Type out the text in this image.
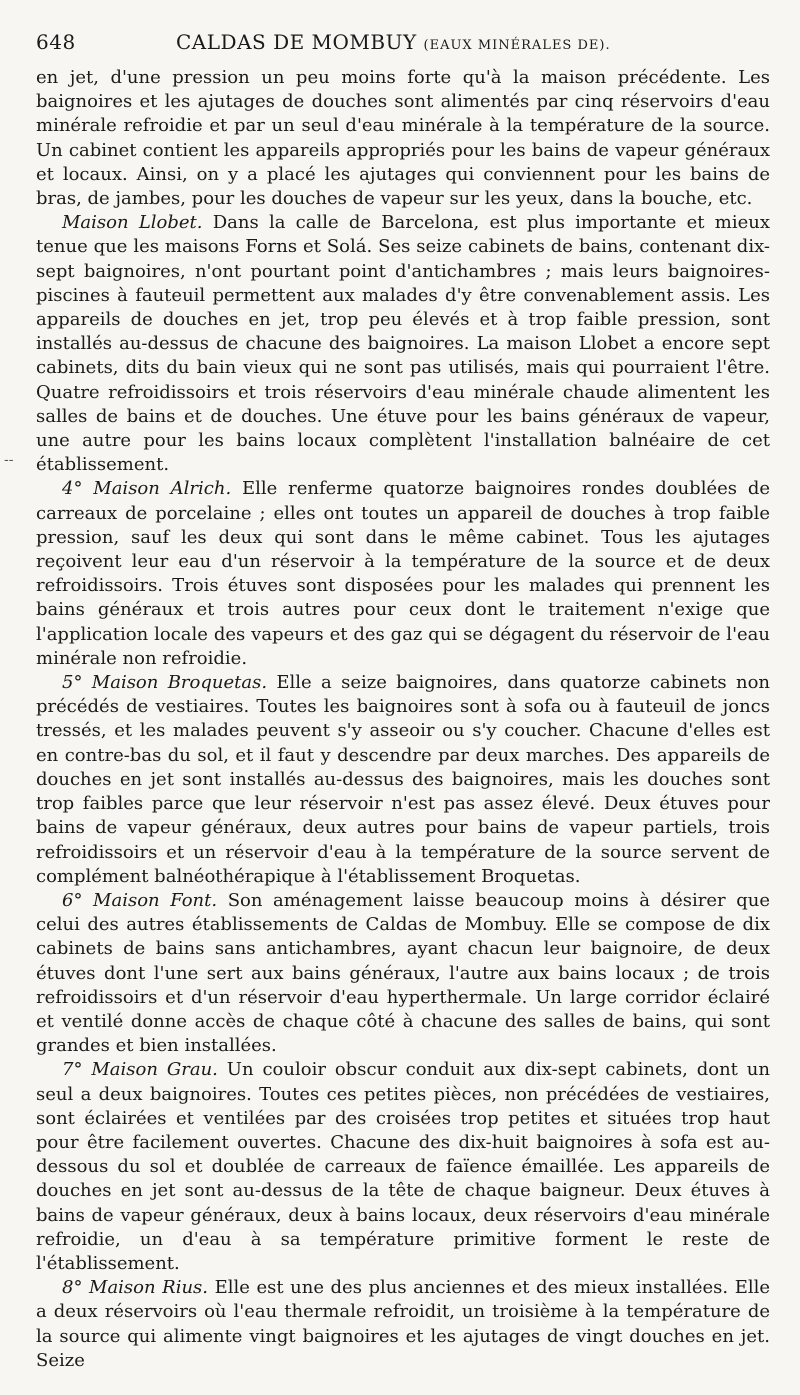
648	CALDAS DE MOMBUY (EAUX MINÉRALES DE).

en jet, d'une pression un peu moins forte qu'à la maison précédente. Les baignoires et les ajutages de douches sont alimentés par cinq réservoirs d'eau minérale refroidie et par un seul d'eau minérale à la température de la source. Un cabinet contient les appareils appropriés pour les bains de vapeur généraux et locaux. Ainsi, on y a placé les ajutages qui conviennent pour les bains de bras, de jambes, pour les douches de vapeur sur les yeux, dans la bouche, etc.

Maison Llobet. Dans la calle de Barcelona, est plus importante et mieux tenue que les maisons Forns et Solá. Ses seize cabinets de bains, contenant dix-sept baignoires, n'ont pourtant point d'antichambres ; mais leurs baignoires-piscines à fauteuil permettent aux malades d'y être convenablement assis. Les appareils de douches en jet, trop peu élevés et à trop faible pression, sont installés au-dessus de chacune des baignoires. La maison Llobet a encore sept cabinets, dits du bain vieux qui ne sont pas utilisés, mais qui pourraient l'être. Quatre refroidissoirs et trois réservoirs d'eau minérale chaude alimentent les salles de bains et de douches. Une étuve pour les bains généraux de vapeur, une autre pour les bains locaux complètent l'installation balnéaire de cet établissement.

4° Maison Alrich. Elle renferme quatorze baignoires rondes doublées de carreaux de porcelaine ; elles ont toutes un appareil de douches à trop faible pression, sauf les deux qui sont dans le même cabinet. Tous les ajutages reçoivent leur eau d'un réservoir à la température de la source et de deux refroidissoirs. Trois étuves sont disposées pour les malades qui prennent les bains généraux et trois autres pour ceux dont le traitement n'exige que l'application locale des vapeurs et des gaz qui se dégagent du réservoir de l'eau minérale non refroidie.

5° Maison Broquetas. Elle a seize baignoires, dans quatorze cabinets non précédés de vestiaires. Toutes les baignoires sont à sofa ou à fauteuil de joncs tressés, et les malades peuvent s'y asseoir ou s'y coucher. Chacune d'elles est en contre-bas du sol, et il faut y descendre par deux marches. Des appareils de douches en jet sont installés au-dessus des baignoires, mais les douches sont trop faibles parce que leur réservoir n'est pas assez élevé. Deux étuves pour bains de vapeur généraux, deux autres pour bains de vapeur partiels, trois refroidissoirs et un réservoir d'eau à la température de la source servent de complément balnéothérapique à l'établissement Broquetas.

6° Maison Font. Son aménagement laisse beaucoup moins à désirer que celui des autres établissements de Caldas de Mombuy. Elle se compose de dix cabinets de bains sans antichambres, ayant chacun leur baignoire, de deux étuves dont l'une sert aux bains généraux, l'autre aux bains locaux ; de trois refroidissoirs et d'un réservoir d'eau hyperthermale. Un large corridor éclairé et ventilé donne accès de chaque côté à chacune des salles de bains, qui sont grandes et bien installées.

7° Maison Grau. Un couloir obscur conduit aux dix-sept cabinets, dont un seul a deux baignoires. Toutes ces petites pièces, non précédées de vestiaires, sont éclairées et ventilées par des croisées trop petites et situées trop haut pour être facilement ouvertes. Chacune des dix-huit baignoires à sofa est au-dessous du sol et doublée de carreaux de faïence émaillée. Les appareils de douches en jet sont au-dessus de la tête de chaque baigneur. Deux étuves à bains de vapeur généraux, deux à bains locaux, deux réservoirs d'eau minérale refroidie, un d'eau à sa température primitive forment le reste de l'établissement.

8° Maison Rius. Elle est une des plus anciennes et des mieux installées. Elle a deux réservoirs où l'eau thermale refroidit, un troisième à la température de la source qui alimente vingt baignoires et les ajutages de vingt douches en jet. Seize

--
